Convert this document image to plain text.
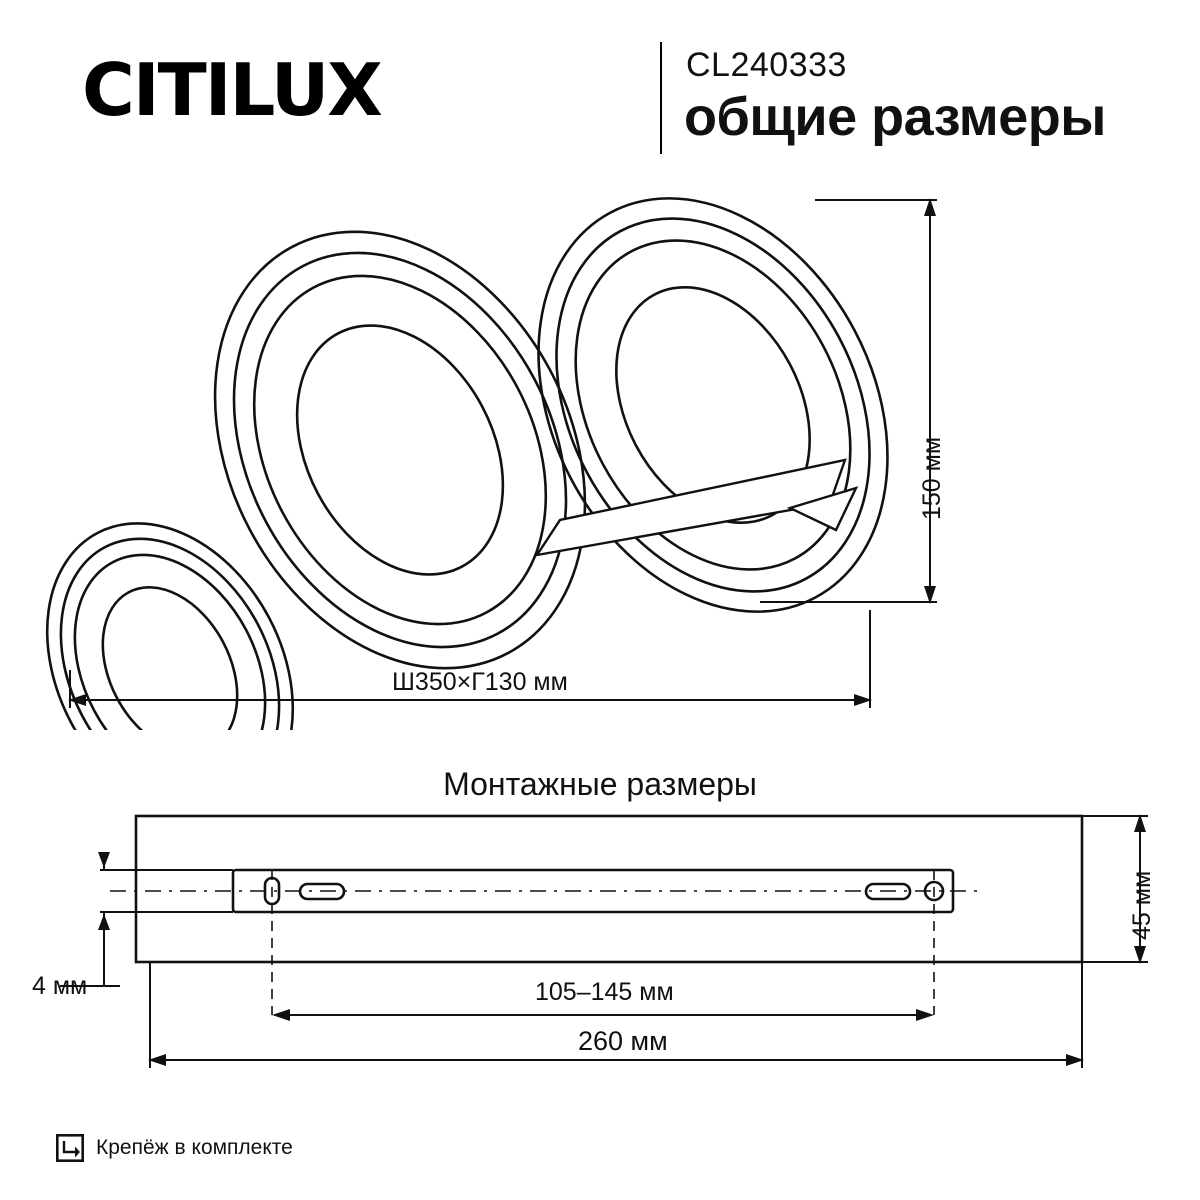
CITILUX	CL240333
общие размеры
150 мм
Ш350×Г130 мм
Монтажные размеры
45 мм
4 мм	105–145 мм
260 мм
Крепёж в комплекте
